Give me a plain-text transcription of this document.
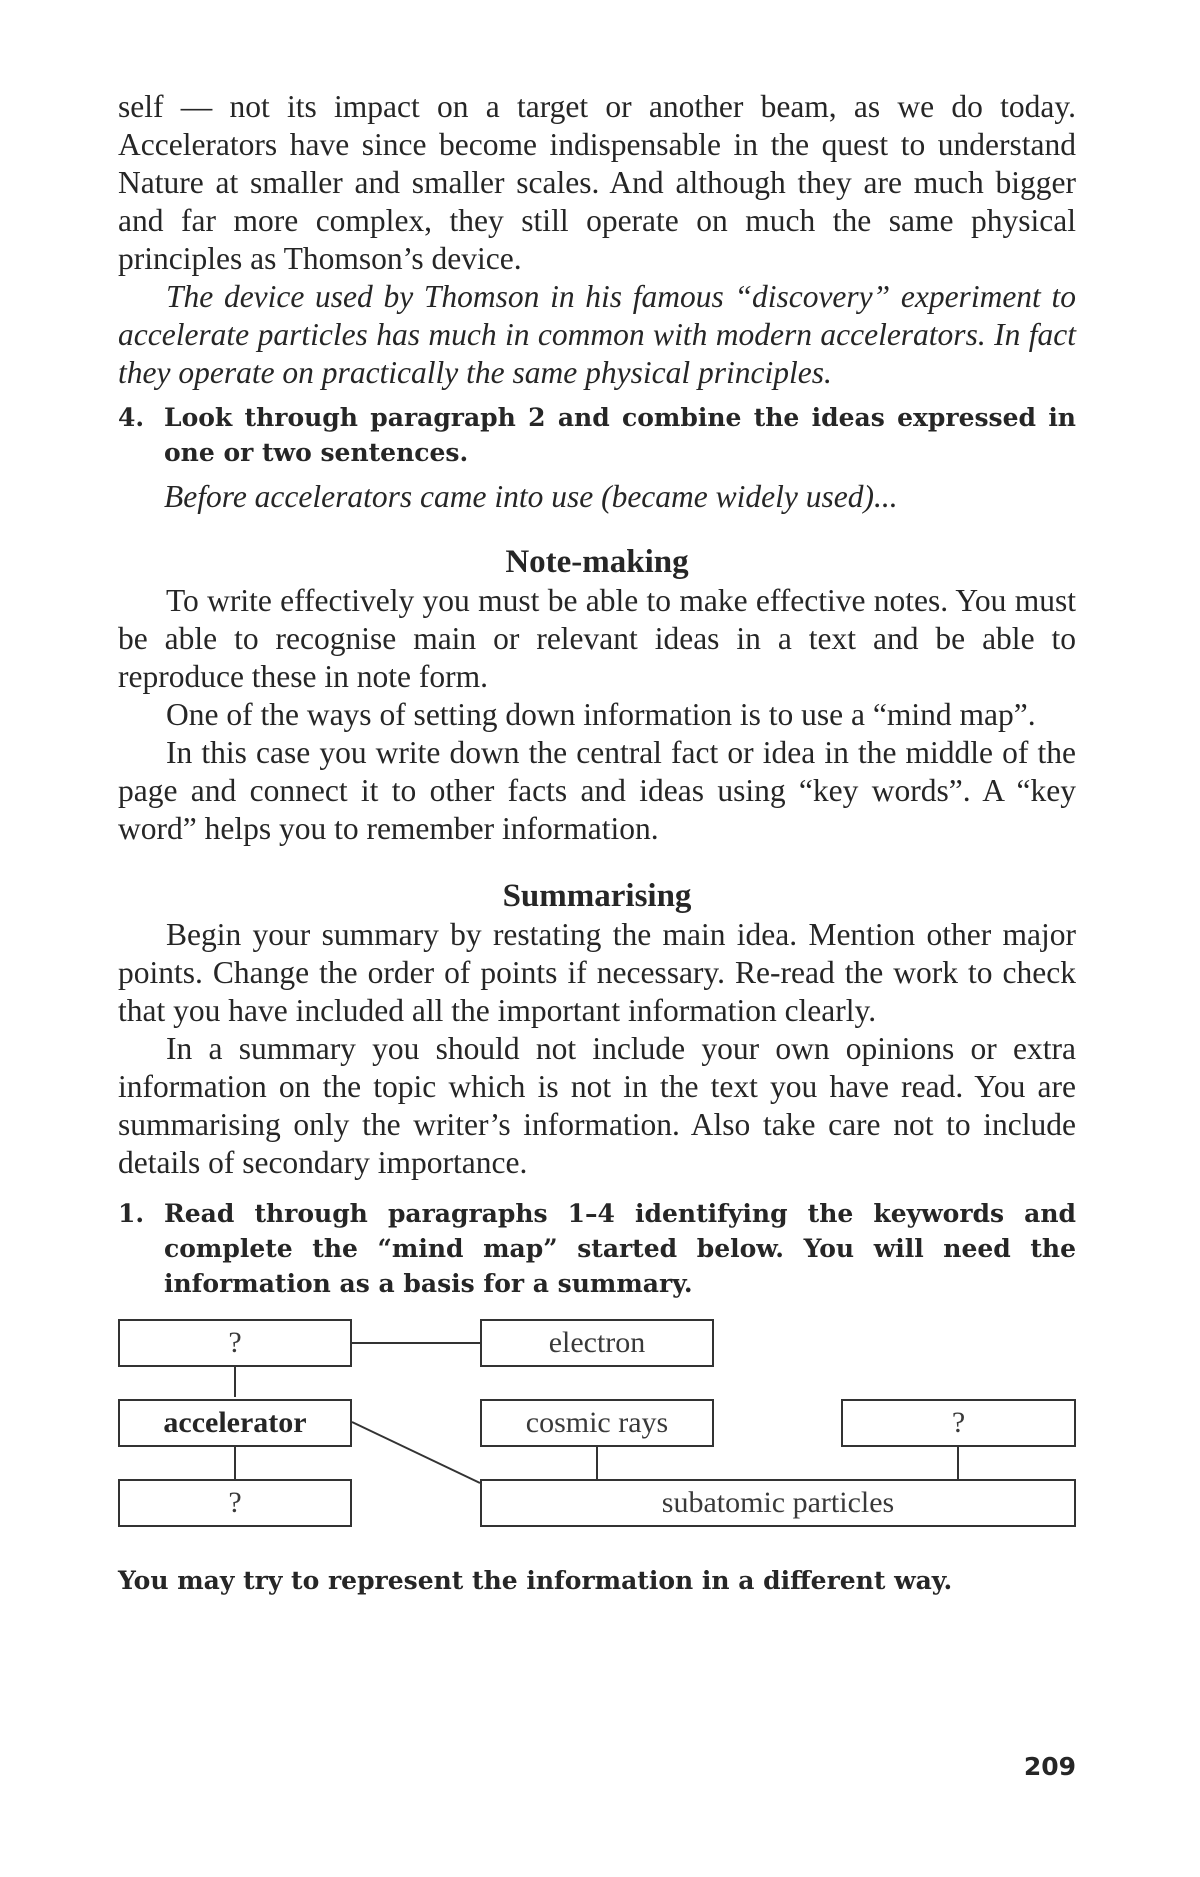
self — not its impact on a target or another beam, as we do today. Accelerators have since become indispensable in the quest to understand Nature at smaller and smaller scales. And although they are much bigger and far more complex, they still operate on much the same physical principles as Thomson’s device.

The device used by Thomson in his famous “discovery” experiment to accelerate particles has much in common with modern accelerators. In fact they operate on practically the same physical principles.

4. Look through paragraph 2 and combine the ideas expressed in one or two sentences.
Before accelerators came into use (became widely used)...
Note-making

To write effectively you must be able to make effective notes. You must be able to recognise main or relevant ideas in a text and be able to reproduce these in note form.

One of the ways of setting down information is to use a “mind map”.

In this case you write down the central fact or idea in the middle of the page and connect it to other facts and ideas using “key words”. A “key word” helps you to remember information.

Summarising

Begin your summary by restating the main idea. Mention other major points. Change the order of points if necessary. Re-read the work to check that you have included all the important information clearly.

In a summary you should not include your own opinions or extra information on the topic which is not in the text you have read. You are summarising only the writer’s information. Also take care not to include details of secondary importance.

1. Read through paragraphs 1–4 identifying the keywords and complete the “mind map” started below. You will need the information as a basis for a summary.
?	electron
accelerator	cosmic rays	?
?	subatomic particles
You may try to represent the information in a different way.
209
